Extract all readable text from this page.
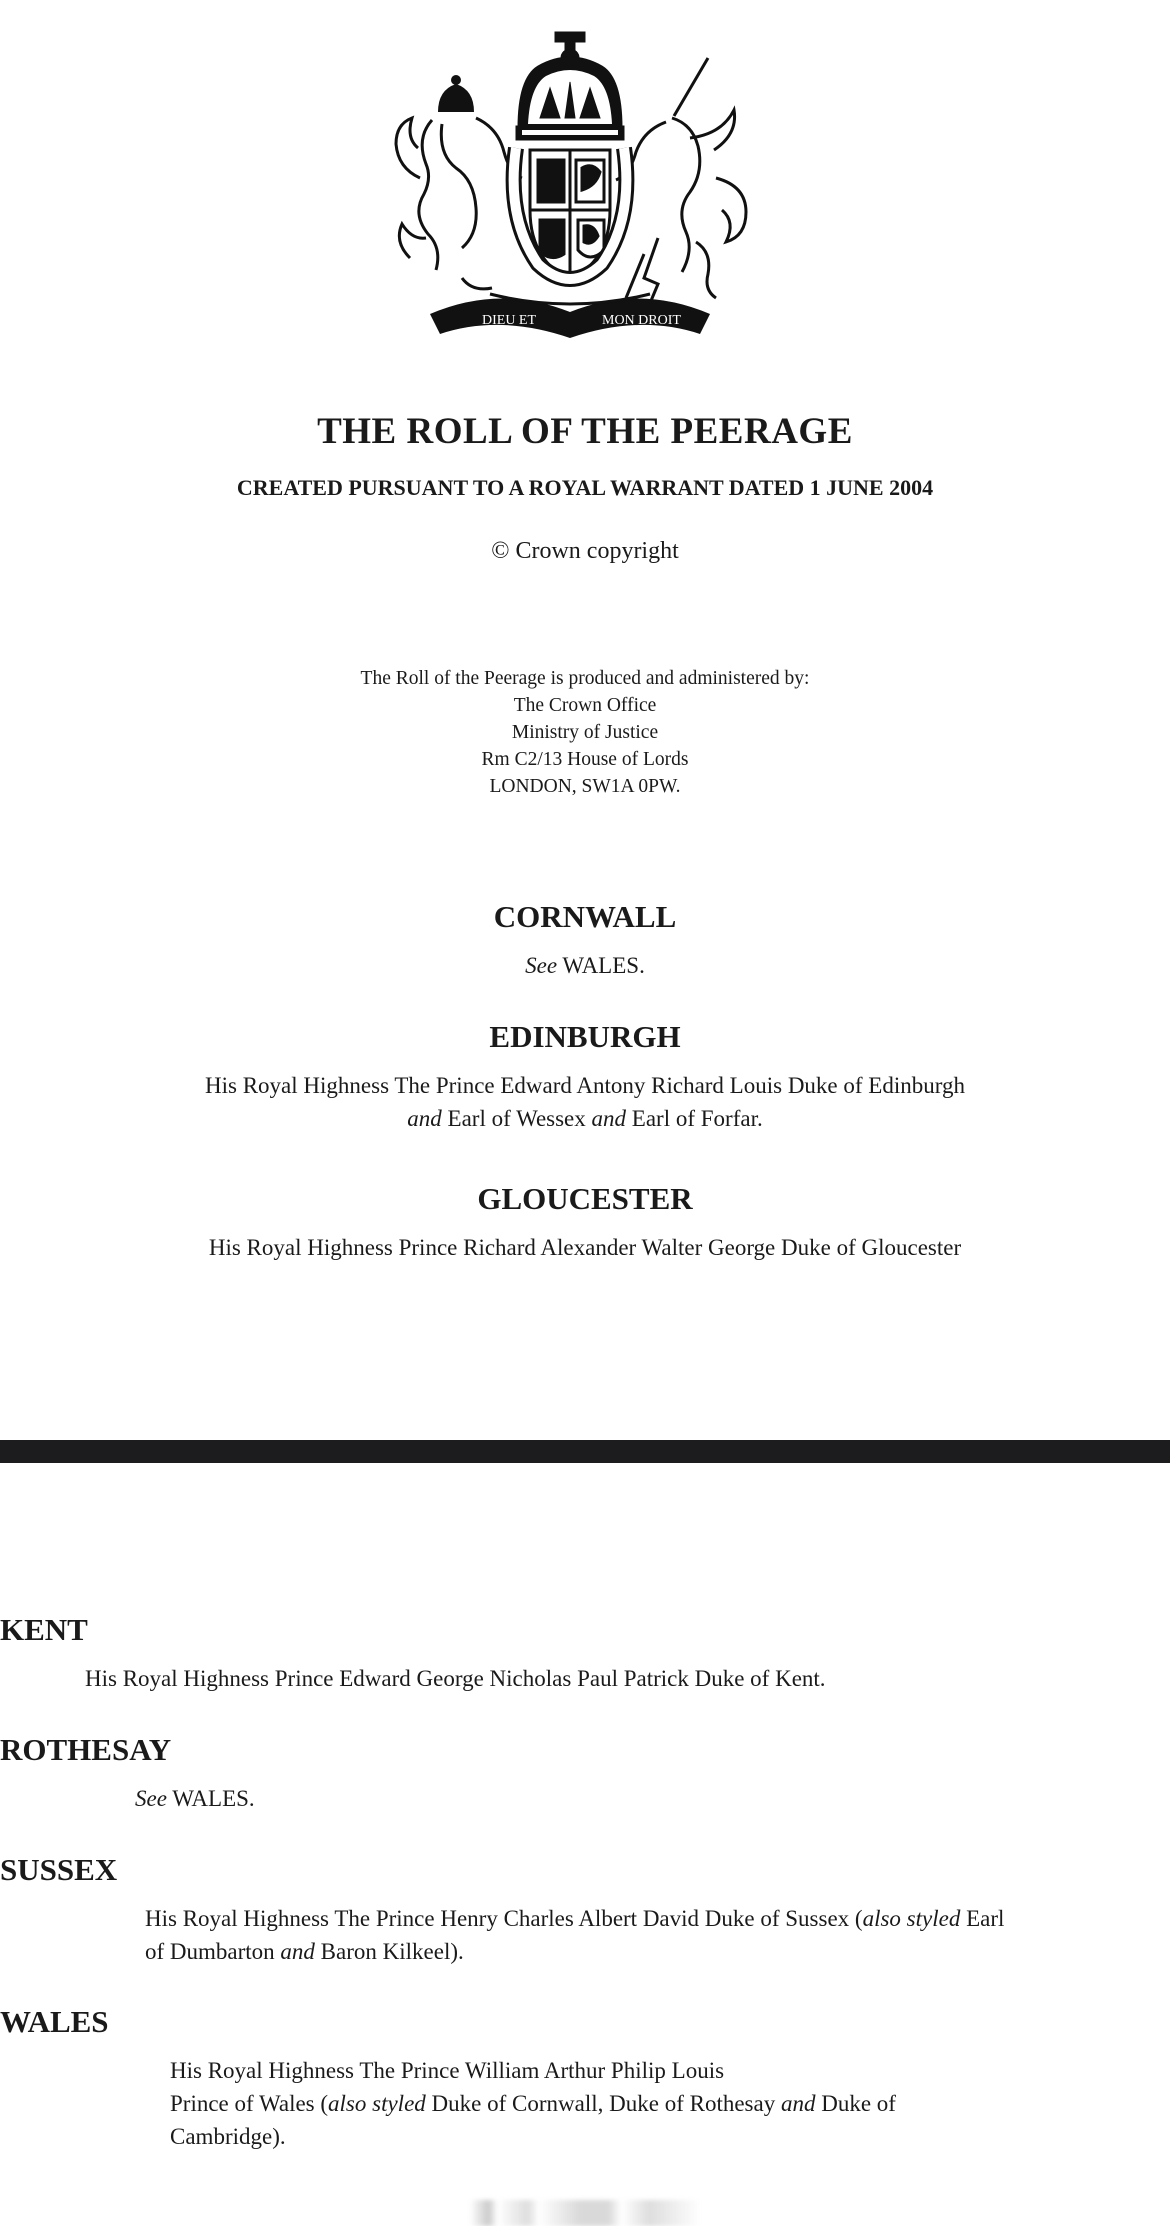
DIEU ET	MON DROIT
THE ROLL OF THE PEERAGE
CREATED PURSUANT TO A ROYAL WARRANT DATED 1 JUNE 2004

© Crown copyright

The Roll of the Peerage is produced and administered by:
The Crown Office
Ministry of Justice
Rm C2/13 House of Lords
LONDON, SW1A 0PW.
CORNWALL

See WALES.

EDINBURGH

His Royal Highness The Prince Edward Antony Richard Louis Duke of Edinburgh and Earl of Wessex and Earl of Forfar.

GLOUCESTER

His Royal Highness Prince Richard Alexander Walter George Duke of Gloucester

KENT

His Royal Highness Prince Edward George Nicholas Paul Patrick Duke of Kent.

ROTHESAY

See WALES.

SUSSEX

His Royal Highness The Prince Henry Charles Albert David Duke of Sussex (also styled Earl of Dumbarton and Baron Kilkeel).

WALES

His Royal Highness The Prince William Arthur Philip Louis
Prince of Wales (also styled Duke of Cornwall, Duke of Rothesay and Duke of Cambridge).
